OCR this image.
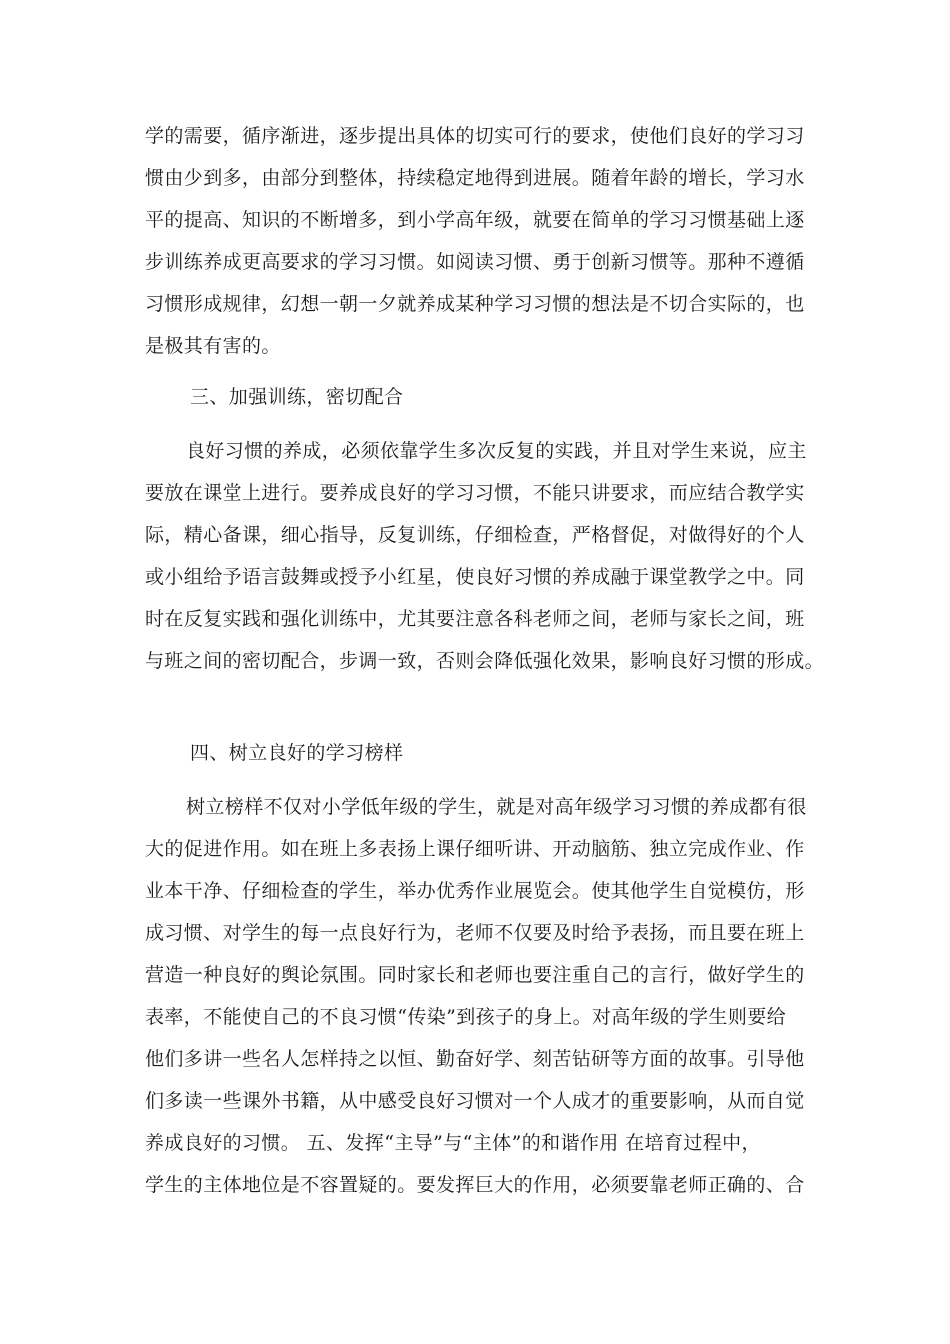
学的需要，循序渐进，逐步提出具体的切实可行的要求，使他们良好的学习习
惯由少到多，由部分到整体，持续稳定地得到进展。随着年龄的增长，学习水
平的提高、知识的不断增多，到小学高年级，就要在简单的学习习惯基础上逐
步训练养成更高要求的学习习惯。如阅读习惯、勇于创新习惯等。那种不遵循
习惯形成规律，幻想一朝一夕就养成某种学习习惯的想法是不切合实际的，也
是极其有害的。
三、加强训练，密切配合
良好习惯的养成，必须依靠学生多次反复的实践，并且对学生来说，应主
要放在课堂上进行。要养成良好的学习习惯，不能只讲要求，而应结合教学实
际，精心备课，细心指导，反复训练，仔细检查，严格督促，对做得好的个人
或小组给予语言鼓舞或授予小红星，使良好习惯的养成融于课堂教学之中。同
时在反复实践和强化训练中，尤其要注意各科老师之间，老师与家长之间，班
与班之间的密切配合，步调一致，否则会降低强化效果，影响良好习惯的形成。
四、树立良好的学习榜样
树立榜样不仅对小学低年级的学生，就是对高年级学习习惯的养成都有很
大的促进作用。如在班上多表扬上课仔细听讲、开动脑筋、独立完成作业、作
业本干净、仔细检查的学生，举办优秀作业展览会。使其他学生自觉模仿，形
成习惯、对学生的每一点良好行为，老师不仅要及时给予表扬，而且要在班上
营造一种良好的舆论氛围。同时家长和老师也要注重自己的言行，做好学生的
表率，不能使自己的不良习惯“传染”到孩子的身上。对高年级的学生则要给
他们多讲一些名人怎样持之以恒、勤奋好学、刻苦钻研等方面的故事。引导他
们多读一些课外书籍，从中感受良好习惯对一个人成才的重要影响，从而自觉
养成良好的习惯。 五、发挥“主导”与“主体”的和谐作用 在培育过程中，
学生的主体地位是不容置疑的。要发挥巨大的作用，必须要靠老师正确的、合
